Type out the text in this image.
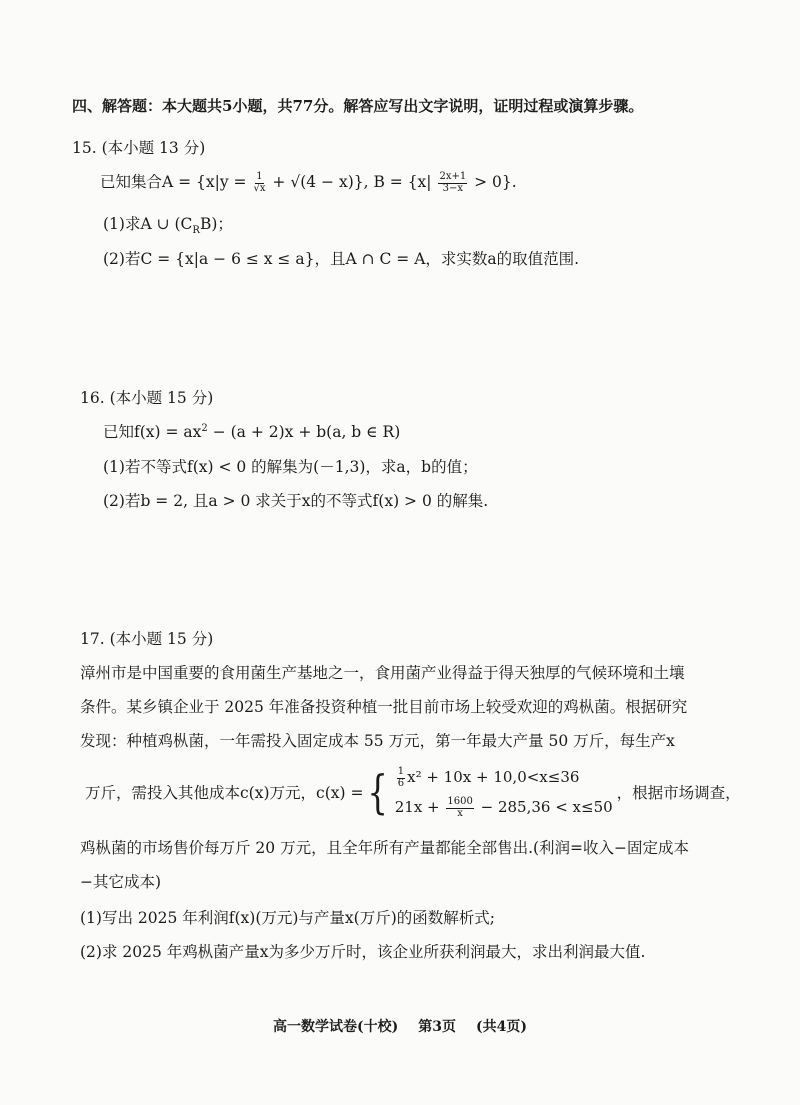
四、解答题：本大题共5小题，共77分。解答应写出文字说明，证明过程或演算步骤。
15. (本小题 13 分)
已知集合$A = \{x|y = \frac{1}{√x} + √(4 - x)\}$, $B = \{x| \frac{2x+1}{3-x} > 0\}$.
(1)求A ∪ $(C_RB)$；
(2)若C = {x|a − 6 ≤ x ≤ a}，且A ∩ C = A，求实数a的取值范围.
16. (本小题 15 分)
已知$f(x) = ax^2 - (a + 2)x + b(a$, b ∈ R)
(1)若不等式f(x) < 0 的解集为(－1,3)，求a，b的值；
(2)若b = 2, 且a > 0 求关于x的不等式f(x) > 0 的解集.
17. (本小题 15 分)
漳州市是中国重要的食用菌生产基地之一，食用菌产业得益于得天独厚的气候环境和土壤
条件。某乡镇企业于 2025 年准备投资种植一批目前市场上较受欢迎的鸡枞菌。根据研究
发现：种植鸡枞菌，一年需投入固定成本 55 万元，第一年最大产量 50 万斤，每生产x
万斤，需投入其他成本c(x)万元，c(x) = { $\frac{1}{6} x^2 + 10x + 10,0<x\le 36$
$21x + \frac{1600}{x} - 285,36 < x\le 50$
，根据市场调查，
鸡枞菌的市场售价每万斤 20 万元，且全年所有产量都能全部售出.(利润=收入−固定成本
−其它成本)
(1)写出 2025 年利润f(x)(万元)与产量x(万斤)的函数解析式;
(2)求 2025 年鸡枞菌产量x为多少万斤时，该企业所获利润最大，求出利润最大值.
高一数学试卷(十校) 第3页 (共4页)
